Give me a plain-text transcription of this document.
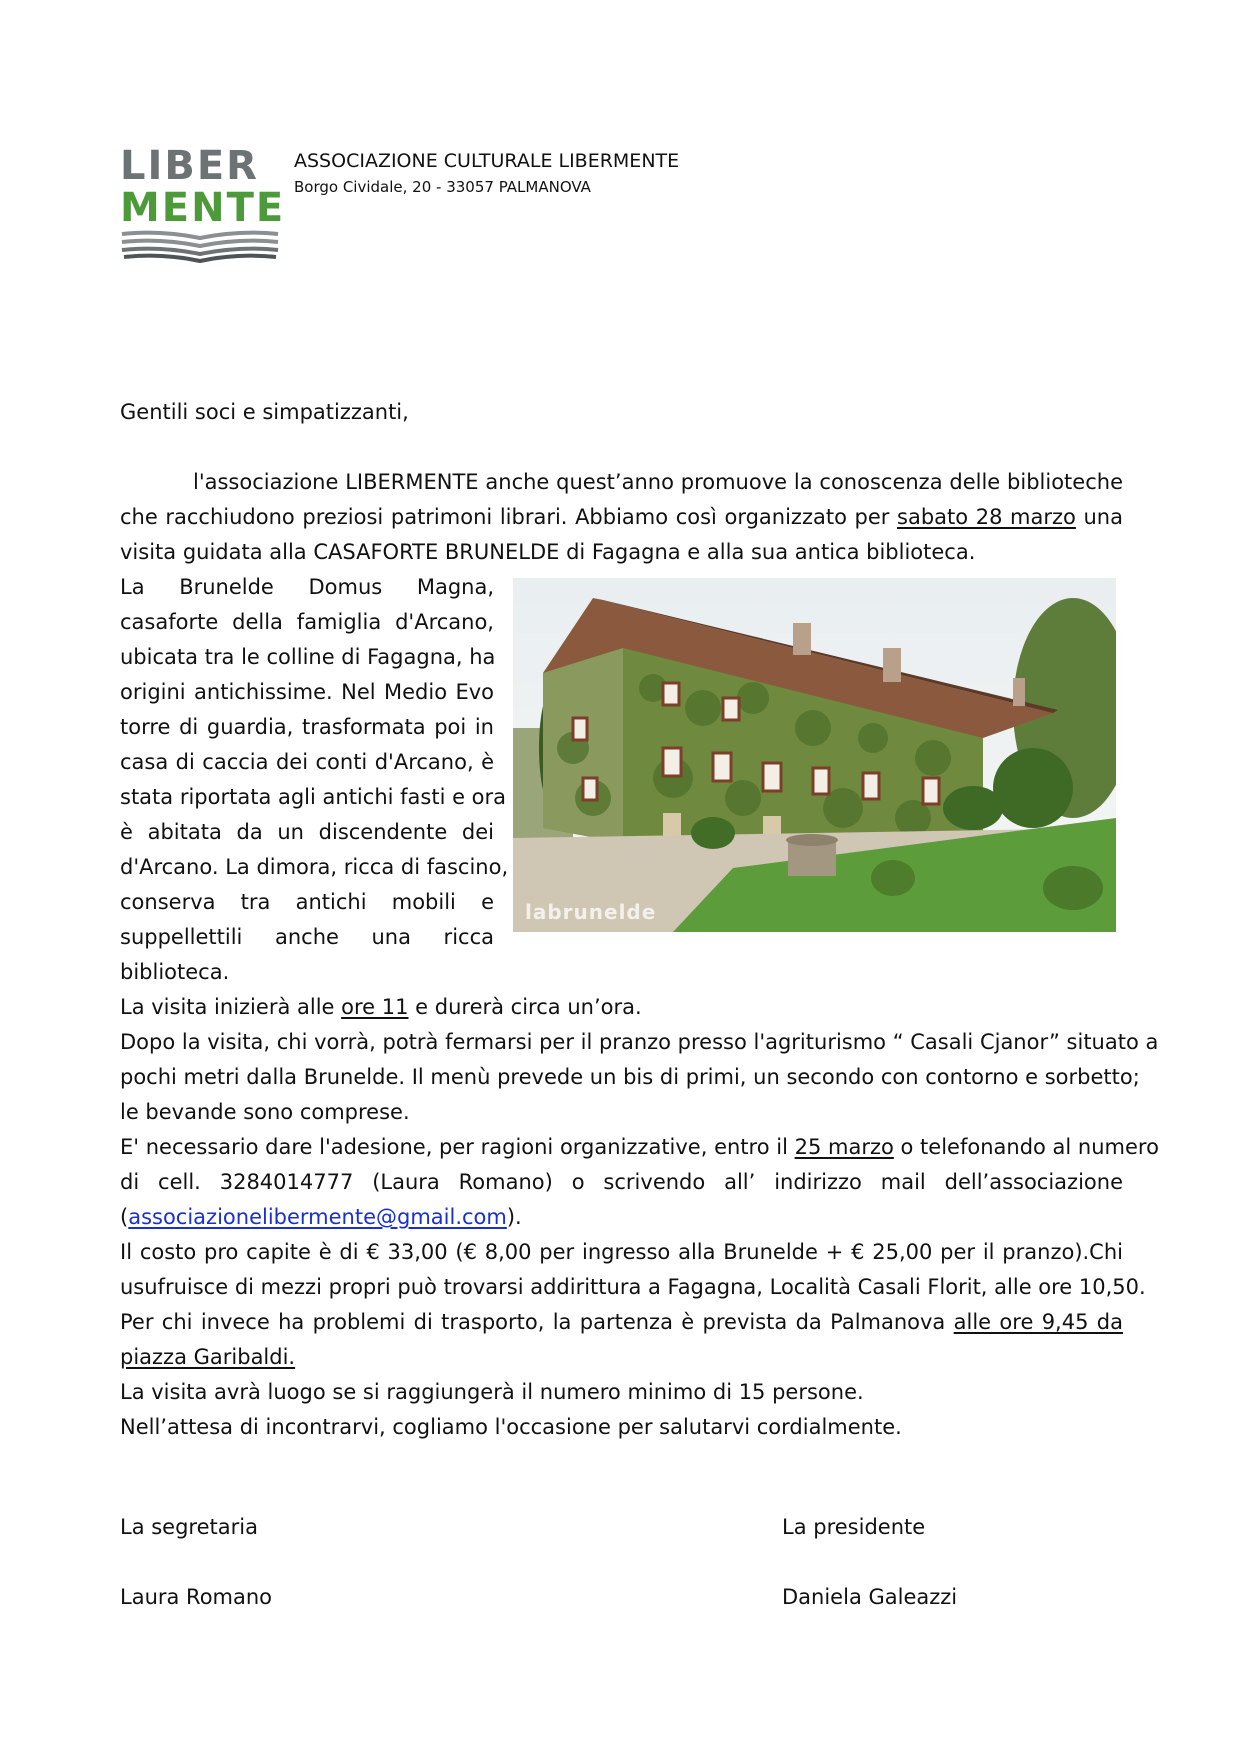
LIBER
MENTE
ASSOCIAZIONE CULTURALE LIBERMENTE
Borgo Cividale, 20 - 33057 PALMANOVA
Gentili soci e simpatizzanti,
l'associazione LIBERMENTE anche quest’anno promuove la conoscenza delle biblioteche
che racchiudono preziosi patrimoni librari. Abbiamo così organizzato per sabato 28 marzo una
visita guidata alla CASAFORTE BRUNELDE di Fagagna e alla sua antica biblioteca.
La Brunelde Domus Magna,
casaforte della famiglia d'Arcano,
ubicata tra le colline di Fagagna, ha
origini antichissime. Nel Medio Evo
torre di guardia, trasformata poi in
casa di caccia dei conti d'Arcano, è
stata riportata agli antichi fasti e ora
è abitata da un discendente dei
d'Arcano. La dimora, ricca di fascino,
conserva tra antichi mobili e
suppellettili anche una ricca
biblioteca.
labrunelde
La visita inizierà alle ore 11 e durerà circa un’ora.
Dopo la visita, chi vorrà, potrà fermarsi per il pranzo presso l'agriturismo “ Casali Cjanor” situato a
pochi metri dalla Brunelde. Il menù prevede un bis di primi, un secondo con contorno e sorbetto;
le bevande sono comprese.
E' necessario dare l'adesione, per ragioni organizzative, entro il 25 marzo o telefonando al numero
di cell. 3284014777 (Laura Romano) o scrivendo all’ indirizzo mail dell’associazione
(associazionelibermente@gmail.com).
Il costo pro capite è di € 33,00 (€ 8,00 per ingresso alla Brunelde + € 25,00 per il pranzo).Chi
usufruisce di mezzi propri può trovarsi addirittura a Fagagna, Località Casali Florit, alle ore 10,50.
Per chi invece ha problemi di trasporto, la partenza è prevista da Palmanova alle ore 9,45 da
piazza Garibaldi.
La visita avrà luogo se si raggiungerà il numero minimo di 15 persone.
Nell’attesa di incontrarvi, cogliamo l'occasione per salutarvi cordialmente.
La segretaria
Laura Romano
La presidente
Daniela Galeazzi
